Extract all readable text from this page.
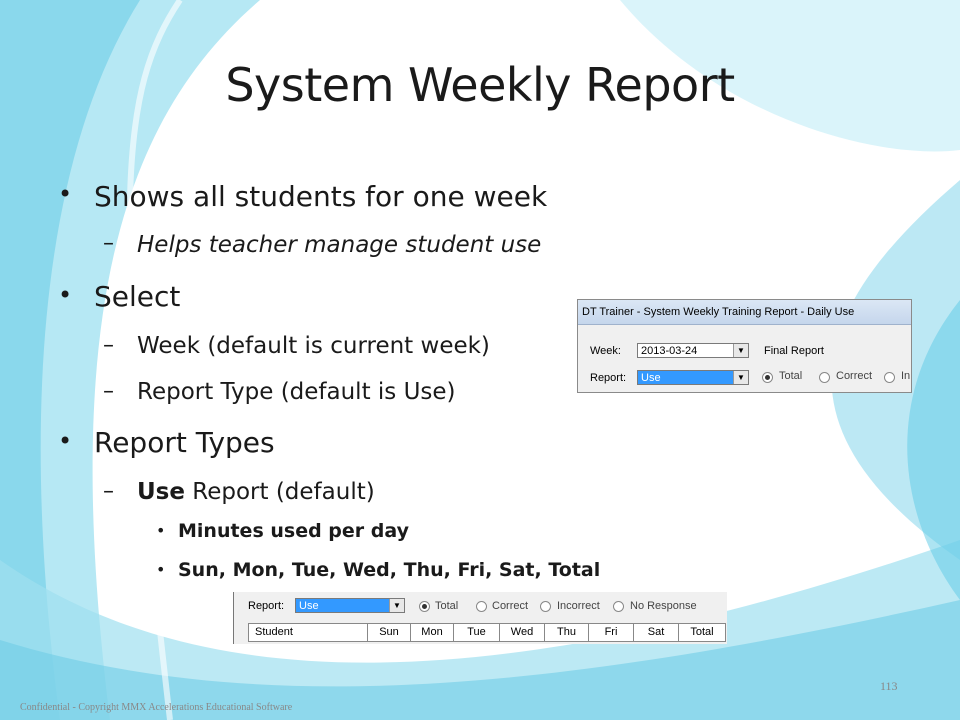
System Weekly Report
• Shows all students for one week
– Helps teacher manage student use
• Select
– Week (default is current week)
– Report Type (default is Use)
• Report Types
– Use Report (default)
• Minutes used per day
• Sun, Mon, Tue, Wed, Thu, Fri, Sat, Total
DT Trainer - System Weekly Training Report - Daily Use
Week:	2013-03-24	▼ Final Report
Report:	Use	▼	Total	Correct	In
Report:	Use	▼	Total	Correct	Incorrect	No Response
Student	Sun	Mon	Tue	Wed	Thu	Fri	Sat	Total
113
Confidential - Copyright MMX Accelerations Educational Software
